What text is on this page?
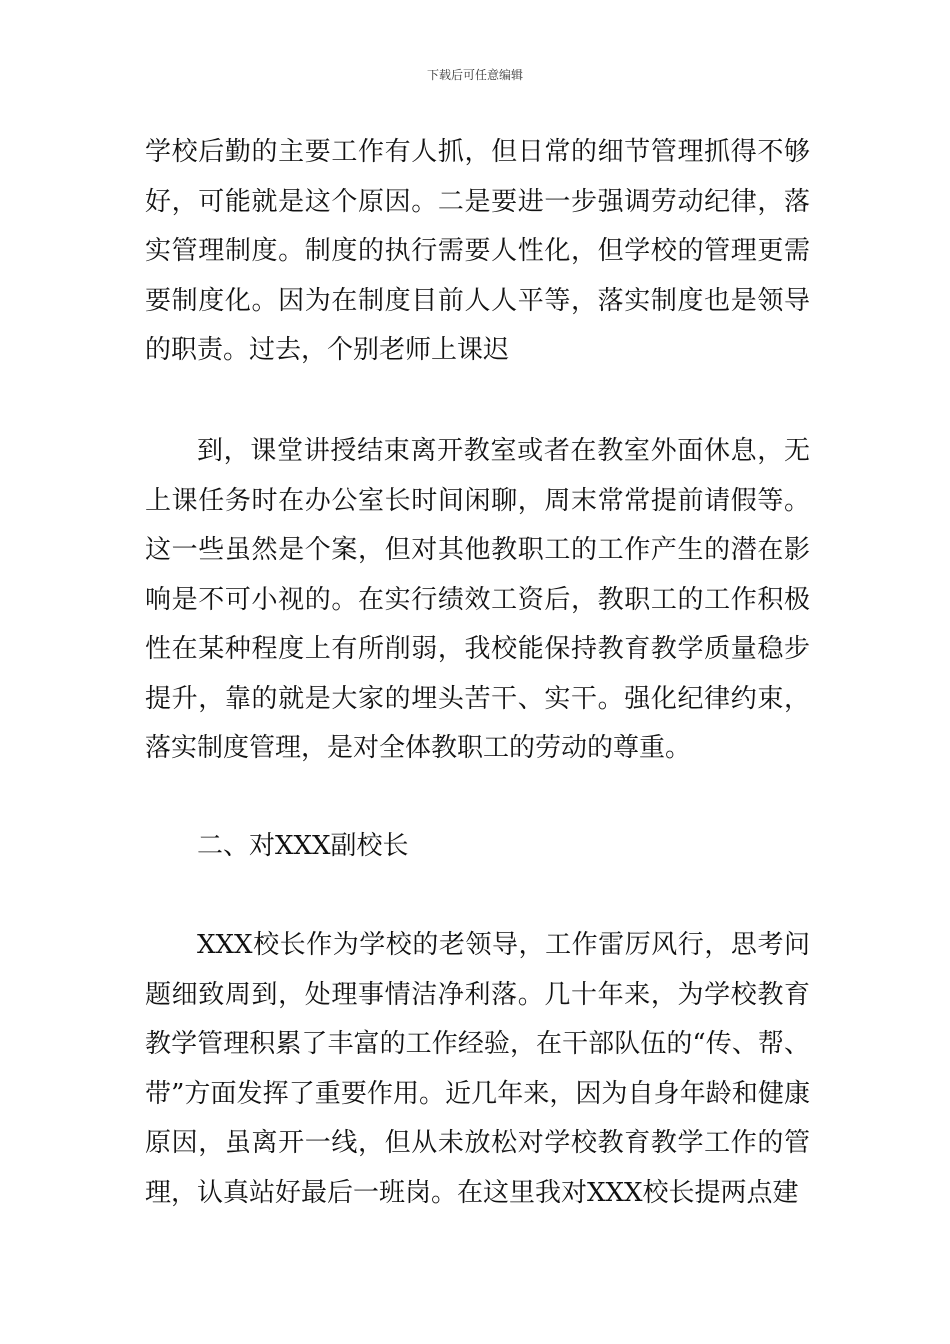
下载后可任意编辑

学校后勤的主要工作有人抓，但日常的细节管理抓得不够好，可能就是这个原因。二是要进一步强调劳动纪律，落实管理制度。制度的执行需要人性化，但学校的管理更需要制度化。因为在制度目前人人平等，落实制度也是领导的职责。过去，个别老师上课迟

到，课堂讲授结束离开教室或者在教室外面休息，无上课任务时在办公室长时间闲聊，周末常常提前请假等。这一些虽然是个案，但对其他教职工的工作产生的潜在影响是不可小视的。在实行绩效工资后，教职工的工作积极性在某种程度上有所削弱，我校能保持教育教学质量稳步提升，靠的就是大家的埋头苦干、实干。强化纪律约束，落实制度管理，是对全体教职工的劳动的尊重。

二、对XXX副校长

XXX校长作为学校的老领导，工作雷厉风行，思考问题细致周到，处理事情洁净利落。几十年来，为学校教育教学管理积累了丰富的工作经验，在干部队伍的“传、帮、带”方面发挥了重要作用。近几年来，因为自身年龄和健康原因，虽离开一线，但从未放松对学校教育教学工作的管理，认真站好最后一班岗。在这里我对XXX校长提两点建
